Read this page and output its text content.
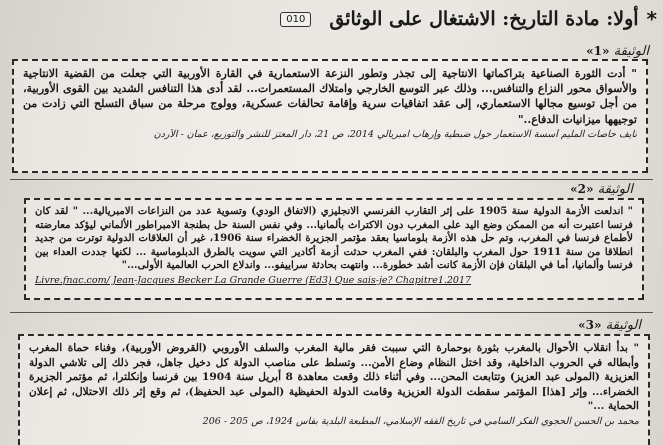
*
أولا: مادة التاريخ: الاشتغال على الوثائق
010
الوثيقة «1»

" أدت الثورة الصناعية بتراكماتها الانتاجية إلى تجذر وتطور النزعة الاستعمارية في القارة الأوربية التي جعلت من القضية الانتاجية والأسواق محور النزاع والتنافس... وذلك عبر التوسع الخارجي وامتلاك المستعمرات... لقد أدى هذا التنافس الشديد بين القوى الأوربية، من أجل توسيع مجالها الاستعماري، إلى عقد اتفاقيات سرية وإقامة تحالفات عسكرية، وولوج مرحلة من سباق التسلح التي زادت من توجيهها ميزانيات الدفاع.."

نايف حاصات المليم أسسة الاستعمار حول ضبطية وإرهاب امبريالي 2014، ص 21، دار المعتز للنشر والتوزيع، عمان - الأردن
الوثيقة «2»

" اندلعت الأزمة الدولية سنة 1905 على إثر التقارب الفرنسي الانجليزي (الاتفاق الودي) وتسوية عدد من النزاعات الامبريالية... " لقد كان فرنسا اعتبرت أنه من الممكن وضع اليد على المغرب دون الاكتراث بألمانيا... وفي نفس السنة حل بطنجة الامبراطور الألماني ليؤكد معارضته لأطماع فرنسا في المغرب، وتم حل هذه الأزمة بلوماسيا بعقد مؤتمر الجزيرة الخضراء سنة 1906، غير أن العلاقات الدولية توترت من جديد انطلاقا من سنة 1911 حول المغرب والبلقان: ففي المغرب حدثت أزمة أكادير التي سويت بالطرق الدبلوماسية ... لكنها جددت العداء بين فرنسا وألمانيا، أما في البلقان فإن الأزمة كانت أشد خطورة... وانتهت بحادثة سراييفو... واندلاع الحرب العالمية الأولى..."

Livre.fnac.com/ Jean-Jacques Becker La Grande Guerre (Ed3) Que sais-je? Chapitre1.2017
الوثيقة «3»

" بدأ انقلاب الأحوال بالمغرب بثورة بوحمارة التي سببت فقر مالية المغرب والسلف الأوروبي (القروض الأوربية)، وفناء حماة المغرب وأبطاله في الحروب الداخلية، وقد اختل النظام وضاع الأمن... وتسلط على مناصب الدولة كل دخيل جاهل، فجر ذلك إلى تلاشي الدولة العزيزية (المولى عبد العزيز) وتتابعت المحن... وفي أثناء ذلك وقعت معاهدة 8 أبريل سنة 1904 بين فرنسا وإنكلترا، ثم مؤتمر الجزيرة الخضراء... وإثر [هذا] المؤتمر سقطت الدولة العزيزية وقامت الدولة الحفيظية (المولى عبد الحفيظ)، ثم وقع إثر ذلك الاحتلال، ثم إعلان الحماية ..."

محمد بن الحسن الحجوي الفكر السامي في تاريخ الفقه الإسلامي، المطبعة البلدية بفاس 1924، ص 205 - 206
